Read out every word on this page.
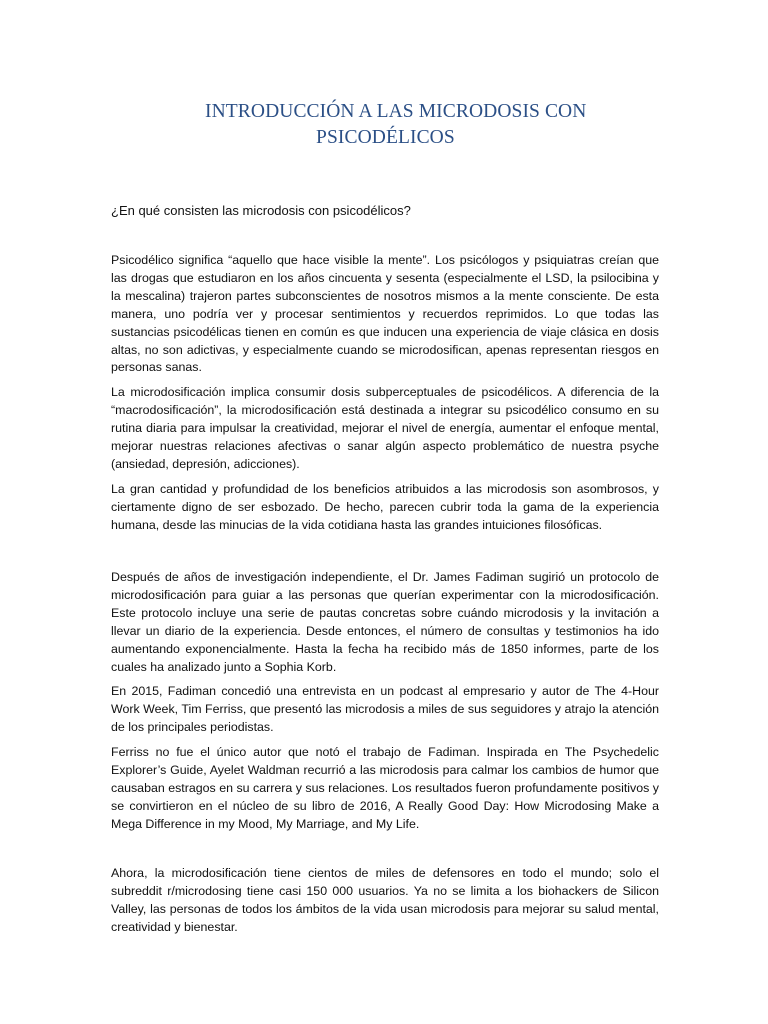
INTRODUCCIÓN A LAS MICRODOSIS CON
PSICODÉLICOS

¿En qué consisten las microdosis con psicodélicos?

Psicodélico significa “aquello que hace visible la mente”. Los psicólogos y psiquiatras creían que las drogas que estudiaron en los años cincuenta y sesenta (especialmente el LSD, la psilocibina y la mescalina) trajeron partes subconscientes de nosotros mismos a la mente consciente. De esta manera, uno podría ver y procesar sentimientos y recuerdos reprimidos. Lo que todas las sustancias psicodélicas tienen en común es que inducen una experiencia de viaje clásica en dosis altas, no son adictivas, y especialmente cuando se microdosifican, apenas representan riesgos en personas sanas.

La microdosificación implica consumir dosis subperceptuales de psicodélicos. A diferencia de la “macrodosificación”, la microdosificación está destinada a integrar su psicodélico consumo en su rutina diaria para impulsar la creatividad, mejorar el nivel de energía, aumentar el enfoque mental, mejorar nuestras relaciones afectivas o sanar algún aspecto problemático de nuestra psyche (ansiedad, depresión, adicciones).

La gran cantidad y profundidad de los beneficios atribuidos a las microdosis son asombrosos, y ciertamente digno de ser esbozado. De hecho, parecen cubrir toda la gama de la experiencia humana, desde las minucias de la vida cotidiana hasta las grandes intuiciones filosóficas.

Después de años de investigación independiente, el Dr. James Fadiman sugirió un protocolo de microdosificación para guiar a las personas que querían experimentar con la microdosificación. Este protocolo incluye una serie de pautas concretas sobre cuándo microdosis y la invitación a llevar un diario de la experiencia. Desde entonces, el número de consultas y testimonios ha ido aumentando exponencialmente. Hasta la fecha ha recibido más de 1850 informes, parte de los cuales ha analizado junto a Sophia Korb.

En 2015, Fadiman concedió una entrevista en un podcast al empresario y autor de The 4-Hour Work Week, Tim Ferriss, que presentó las microdosis a miles de sus seguidores y atrajo la atención de los principales periodistas.

Ferriss no fue el único autor que notó el trabajo de Fadiman. Inspirada en The Psychedelic Explorer’s Guide, Ayelet Waldman recurrió a las microdosis para calmar los cambios de humor que causaban estragos en su carrera y sus relaciones. Los resultados fueron profundamente positivos y se convirtieron en el núcleo de su libro de 2016, A Really Good Day: How Microdosing Make a Mega Difference in my Mood, My Marriage, and My Life.

Ahora, la microdosificación tiene cientos de miles de defensores en todo el mundo; solo el subreddit r/microdosing tiene casi 150 000 usuarios. Ya no se limita a los biohackers de Silicon Valley, las personas de todos los ámbitos de la vida usan microdosis para mejorar su salud mental, creatividad y bienestar.
